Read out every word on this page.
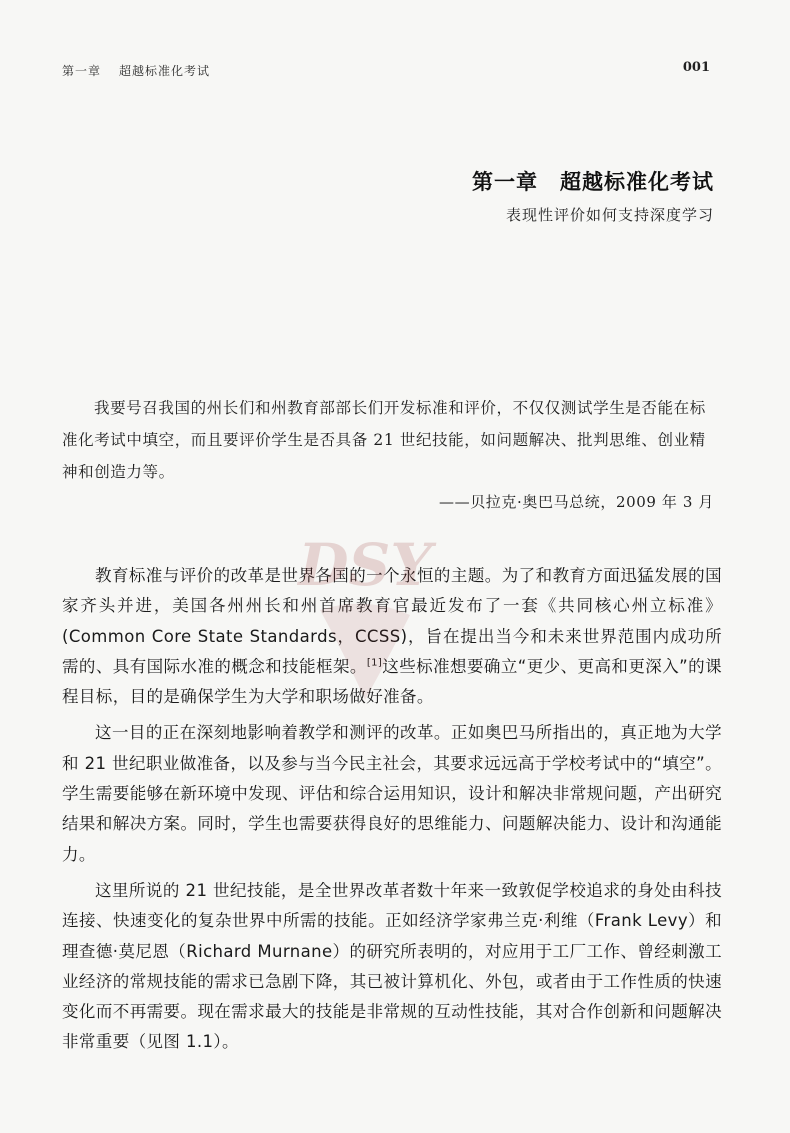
第一章 超越标准化考试	001
第一章 超越标准化考试
表现性评价如何支持深度学习

我要号召我国的州长们和州教育部部长们开发标准和评价，不仅仅测试学生是否能在标准化考试中填空，而且要评价学生是否具备 21 世纪技能，如问题解决、批判思维、创业精神和创造力等。

——贝拉克·奥巴马总统，2009 年 3 月

教育标准与评价的改革是世界各国的一个永恒的主题。为了和教育方面迅猛发展的国家齐头并进，美国各州州长和州首席教育官最近发布了一套《共同核心州立标准》(Common Core State Standards，CCSS)，旨在提出当今和未来世界范围内成功所需的、具有国际水准的概念和技能框架。[1]这些标准想要确立“更少、更高和更深入”的课程目标，目的是确保学生为大学和职场做好准备。

这一目的正在深刻地影响着教学和测评的改革。正如奥巴马所指出的，真正地为大学和 21 世纪职业做准备，以及参与当今民主社会，其要求远远高于学校考试中的“填空”。学生需要能够在新环境中发现、评估和综合运用知识，设计和解决非常规问题，产出研究结果和解决方案。同时，学生也需要获得良好的思维能力、问题解决能力、设计和沟通能力。

这里所说的 21 世纪技能，是全世界改革者数十年来一致敦促学校追求的身处由科技连接、快速变化的复杂世界中所需的技能。正如经济学家弗兰克·利维（Frank Levy）和理查德·莫尼恩（Richard Murnane）的研究所表明的，对应用于工厂工作、曾经刺激工业经济的常规技能的需求已急剧下降，其已被计算机化、外包，或者由于工作性质的快速变化而不再需要。现在需求最大的技能是非常规的互动性技能，其对合作创新和问题解决非常重要（见图 1.1）。

DSY
